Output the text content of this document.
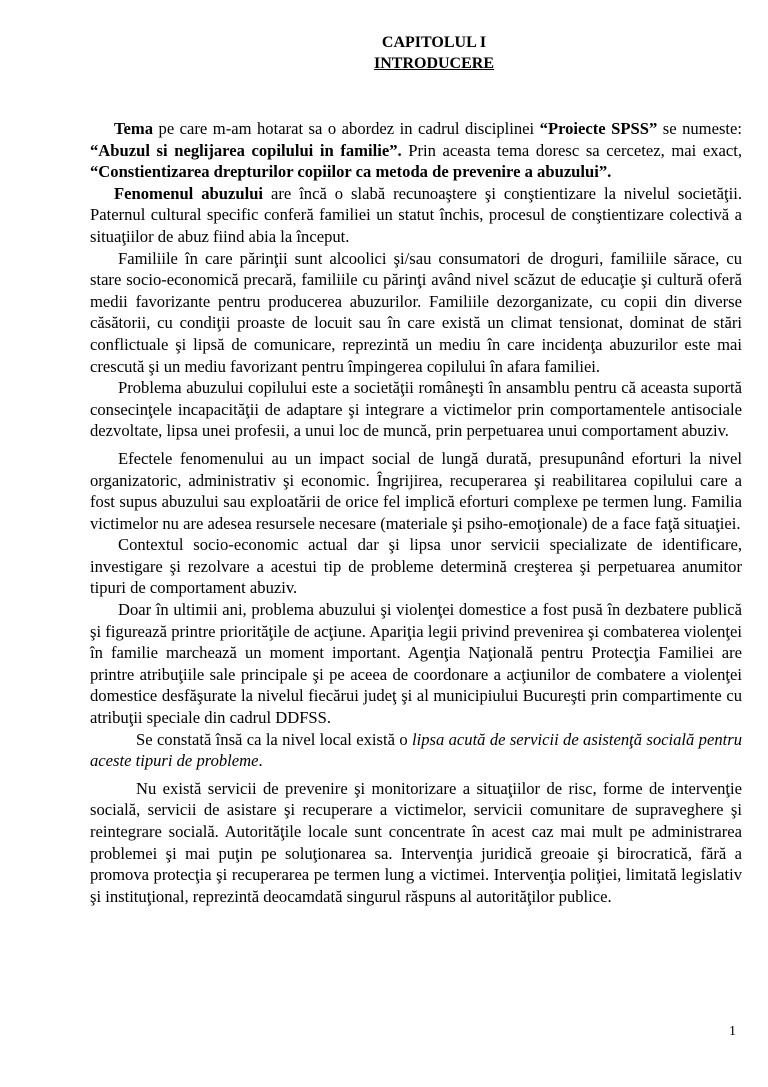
CAPITOLUL I
INTRODUCERE

Tema pe care m-am hotarat sa o abordez in cadrul disciplinei “Proiecte SPSS” se numeste: “Abuzul si neglijarea copilului in familie”. Prin aceasta tema doresc sa cercetez, mai exact, “Constientizarea drepturilor copiilor ca metoda de prevenire a abuzului”.

Fenomenul abuzului are încă o slabă recunoaştere şi conştientizare la nivelul societăţii. Paternul cultural specific conferă familiei un statut închis, procesul de conştientizare colectivă a situaţiilor de abuz fiind abia la început.

Familiile în care părinţii sunt alcoolici şi/sau consumatori de droguri, familiile sărace, cu stare socio-economică precară, familiile cu părinţi având nivel scăzut de educaţie şi cultură oferă medii favorizante pentru producerea abuzurilor. Familiile dezorganizate, cu copii din diverse căsătorii, cu condiţii proaste de locuit sau în care există un climat tensionat, dominat de stări conflictuale şi lipsă de comunicare, reprezintă un mediu în care incidenţa abuzurilor este mai crescută şi un mediu favorizant pentru împingerea copilului în afara familiei.

Problema abuzului copilului este a societăţii româneşti în ansamblu pentru că aceasta suportă consecinţele incapacităţii de adaptare şi integrare a victimelor prin comportamentele antisociale dezvoltate, lipsa unei profesii, a unui loc de muncă, prin perpetuarea unui comportament abuziv.

Efectele fenomenului au un impact social de lungă durată, presupunând eforturi la nivel organizatoric, administrativ şi economic. Îngrijirea, recuperarea şi reabilitarea copilului care a fost supus abuzului sau exploatării de orice fel implică eforturi complexe pe termen lung. Familia victimelor nu are adesea resursele necesare (materiale şi psiho-emoţionale) de a face faţă situaţiei.

Contextul socio-economic actual dar şi lipsa unor servicii specializate de identificare, investigare şi rezolvare a acestui tip de probleme determină creşterea şi perpetuarea anumitor tipuri de comportament abuziv.

Doar în ultimii ani, problema abuzului şi violenţei domestice a fost pusă în dezbatere publică şi figurează printre priorităţile de acţiune. Apariţia legii privind prevenirea şi combaterea violenţei în familie marchează un moment important. Agenţia Naţională pentru Protecţia Familiei are printre atribuţiile sale principale şi pe aceea de coordonare a acţiunilor de combatere a violenţei domestice desfăşurate la nivelul fiecărui judeţ şi al municipiului Bucureşti prin compartimente cu atribuţii speciale din cadrul DDFSS.

Se constată însă ca la nivel local există o lipsa acută de servicii de asistenţă socială pentru aceste tipuri de probleme.

Nu există servicii de prevenire şi monitorizare a situaţiilor de risc, forme de intervenţie socială, servicii de asistare şi recuperare a victimelor, servicii comunitare de supraveghere şi reintegrare socială. Autorităţile locale sunt concentrate în acest caz mai mult pe administrarea problemei şi mai puţin pe soluţionarea sa. Intervenţia juridică greoaie şi birocratică, fără a promova protecţia şi recuperarea pe termen lung a victimei. Intervenţia poliţiei, limitată legislativ şi instituţional, reprezintă deocamdată singurul răspuns al autorităţilor publice.

1
